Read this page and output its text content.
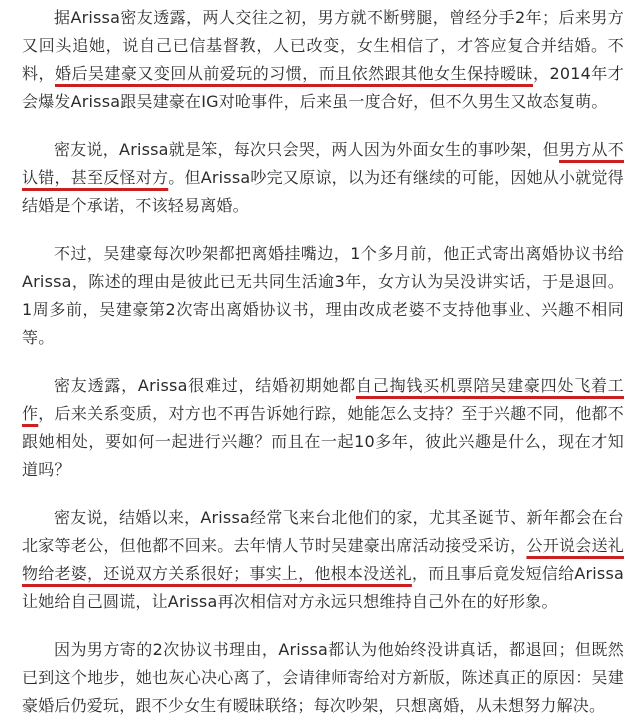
据Arissa密友透露，两人交往之初，男方就不断劈腿，曾经分手2年；后来男方又回头追她，说自己已信基督教，人已改变，女生相信了，才答应复合并结婚。不料，婚后吴建豪又变回从前爱玩的习惯，而且依然跟其他女生保持暧昧，2014年才会爆发Arissa跟吴建豪在IG对呛事件，后来虽一度合好，但不久男生又故态复萌。

密友说，Arissa就是笨，每次只会哭，两人因为外面女生的事吵架，但男方从不认错，甚至反怪对方。但Arissa吵完又原谅，以为还有继续的可能，因她从小就觉得结婚是个承诺，不该轻易离婚。

不过，吴建豪每次吵架都把离婚挂嘴边，1个多月前，他正式寄出离婚协议书给Arissa，陈述的理由是彼此已无共同生活逾3年，女方认为吴没讲实话，于是退回。1周多前，吴建豪第2次寄出离婚协议书，理由改成老婆不支持他事业、兴趣不相同等。

密友透露，Arissa很难过，结婚初期她都自己掏钱买机票陪吴建豪四处飞着工作，后来关系变质，对方也不再告诉她行踪，她能怎么支持？至于兴趣不同，他都不跟她相处，要如何一起进行兴趣？而且在一起10多年，彼此兴趣是什么，现在才知道吗？

密友说，结婚以来，Arissa经常飞来台北他们的家，尤其圣诞节、新年都会在台北家等老公，但他都不回来。去年情人节时吴建豪出席活动接受采访，公开说会送礼物给老婆，还说双方关系很好；事实上，他根本没送礼，而且事后竟发短信给Arissa让她给自己圆谎，让Arissa再次相信对方永远只想维持自己外在的好形象。

因为男方寄的2次协议书理由，Arissa都认为他始终没讲真话，都退回；但既然已到这个地步，她也灰心决心离了，会请律师寄给对方新版，陈述真正的原因：吴建豪婚后仍爱玩，跟不少女生有暧昧联络；每次吵架，只想离婚，从未想努力解决。
